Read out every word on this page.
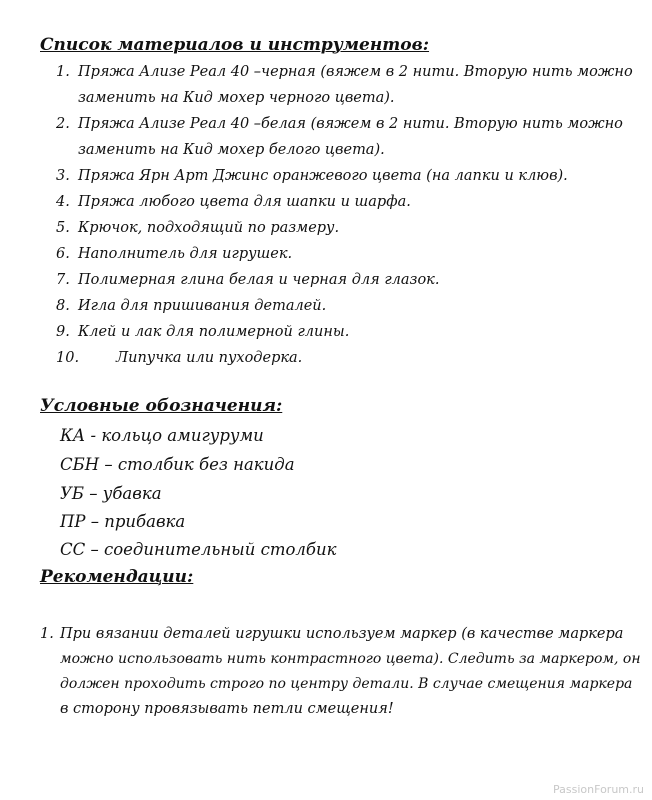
Список материалов и инструментов:

1. Пряжа Ализе Реал 40 –черная (вяжем в 2 нити. Вторую нить можно

заменить на Кид мохер черного цвета).

2. Пряжа Ализе Реал 40 –белая (вяжем в 2 нити. Вторую нить можно

заменить на Кид мохер белого цвета).

3. Пряжа Ярн Арт Джинс оранжевого цвета (на лапки и клюв).

4. Пряжа любого цвета для шапки и шарфа.

5. Крючок, подходящий по размеру.

6. Наполнитель для игрушек.

7. Полимерная глина белая и черная для глазок.

8. Игла для пришивания деталей.

9. Клей и лак для полимерной глины.

10.	Липучка или пуходерка.

Условные обозначения:

КА - кольцо амигуруми

СБН – столбик без накида

УБ – убавка

ПР – прибавка

СС – соединительный столбик

Рекомендации:

1. При вязании деталей игрушки используем маркер (в качестве маркера

можно использовать нить контрастного цвета). Следить за маркером, он

должен проходить строго по центру детали. В случае смещения маркера

в сторону провязывать петли смещения!

PassionForum.ru
